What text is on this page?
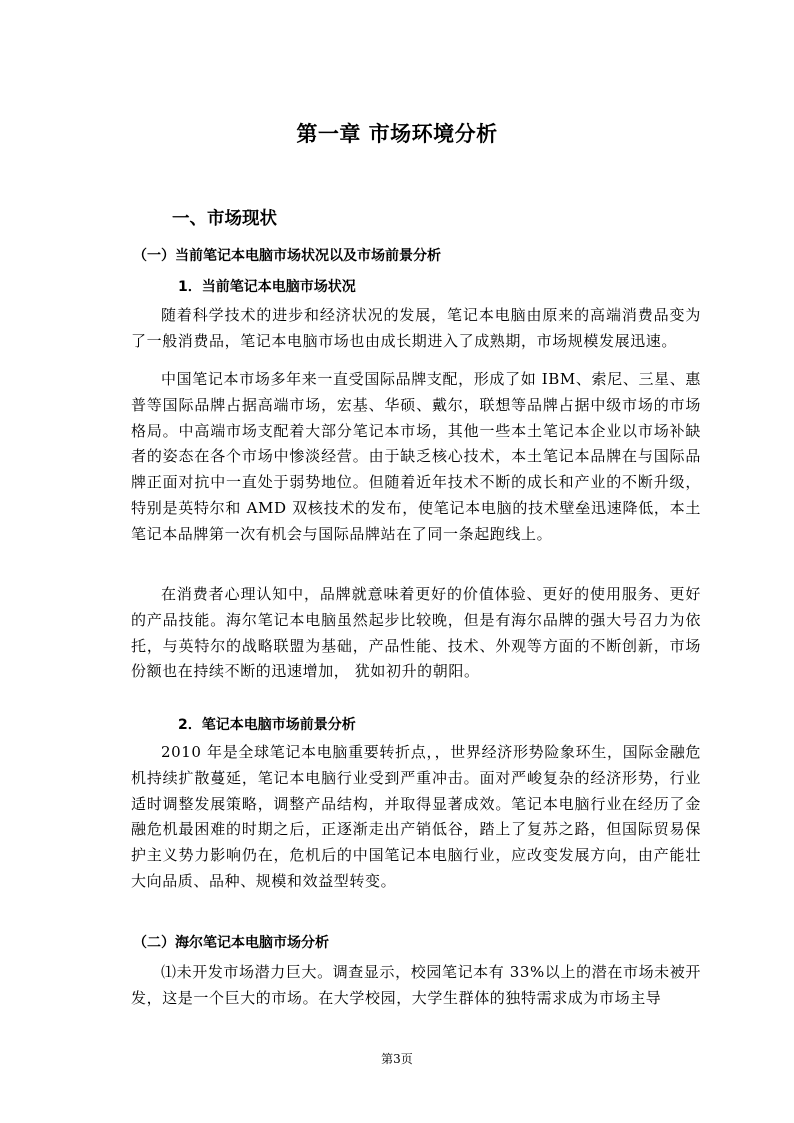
第一章 市场环境分析
一、市场现状
（一）当前笔记本电脑市场状况以及市场前景分析
1．当前笔记本电脑市场状况

随着科学技术的进步和经济状况的发展，笔记本电脑由原来的高端消费品变为了一般消费品，笔记本电脑市场也由成长期进入了成熟期，市场规模发展迅速。

中国笔记本市场多年来一直受国际品牌支配，形成了如 IBM、索尼、三星、惠普等国际品牌占据高端市场，宏基、华硕、戴尔，联想等品牌占据中级市场的市场格局。中高端市场支配着大部分笔记本市场，其他一些本土笔记本企业以市场补缺者的姿态在各个市场中惨淡经营。由于缺乏核心技术，本土笔记本品牌在与国际品牌正面对抗中一直处于弱势地位。但随着近年技术不断的成长和产业的不断升级，特别是英特尔和 AMD 双核技术的发布，使笔记本电脑的技术壁垒迅速降低，本土笔记本品牌第一次有机会与国际品牌站在了同一条起跑线上。

在消费者心理认知中，品牌就意味着更好的价值体验、更好的使用服务、更好的产品技能。海尔笔记本电脑虽然起步比较晚，但是有海尔品牌的强大号召力为依托，与英特尔的战略联盟为基础，产品性能、技术、外观等方面的不断创新，市场份额也在持续不断的迅速增加， 犹如初升的朝阳。

2．笔记本电脑市场前景分析

2010 年是全球笔记本电脑重要转折点，，世界经济形势险象环生，国际金融危机持续扩散蔓延，笔记本电脑行业受到严重冲击。面对严峻复杂的经济形势，行业适时调整发展策略，调整产品结构，并取得显著成效。笔记本电脑行业在经历了金融危机最困难的时期之后，正逐渐走出产销低谷，踏上了复苏之路，但国际贸易保护主义势力影响仍在，危机后的中国笔记本电脑行业，应改变发展方向，由产能壮大向品质、品种、规模和效益型转变。

（二）海尔笔记本电脑市场分析

⑴未开发市场潜力巨大。调查显示，校园笔记本有 33%以上的潜在市场未被开发，这是一个巨大的市场。在大学校园，大学生群体的独特需求成为市场主导

第3页
